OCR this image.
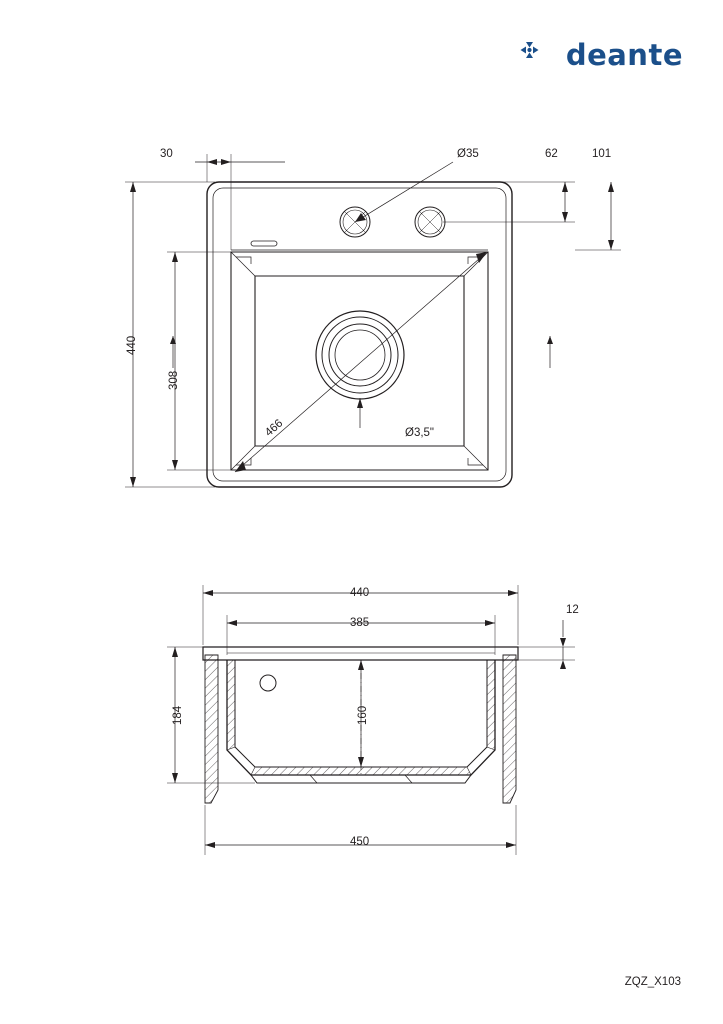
deante
30	Ø35	62	101
440
308
466	Ø3,5"
440
385
12
184	160
450
ZQZ_X103
